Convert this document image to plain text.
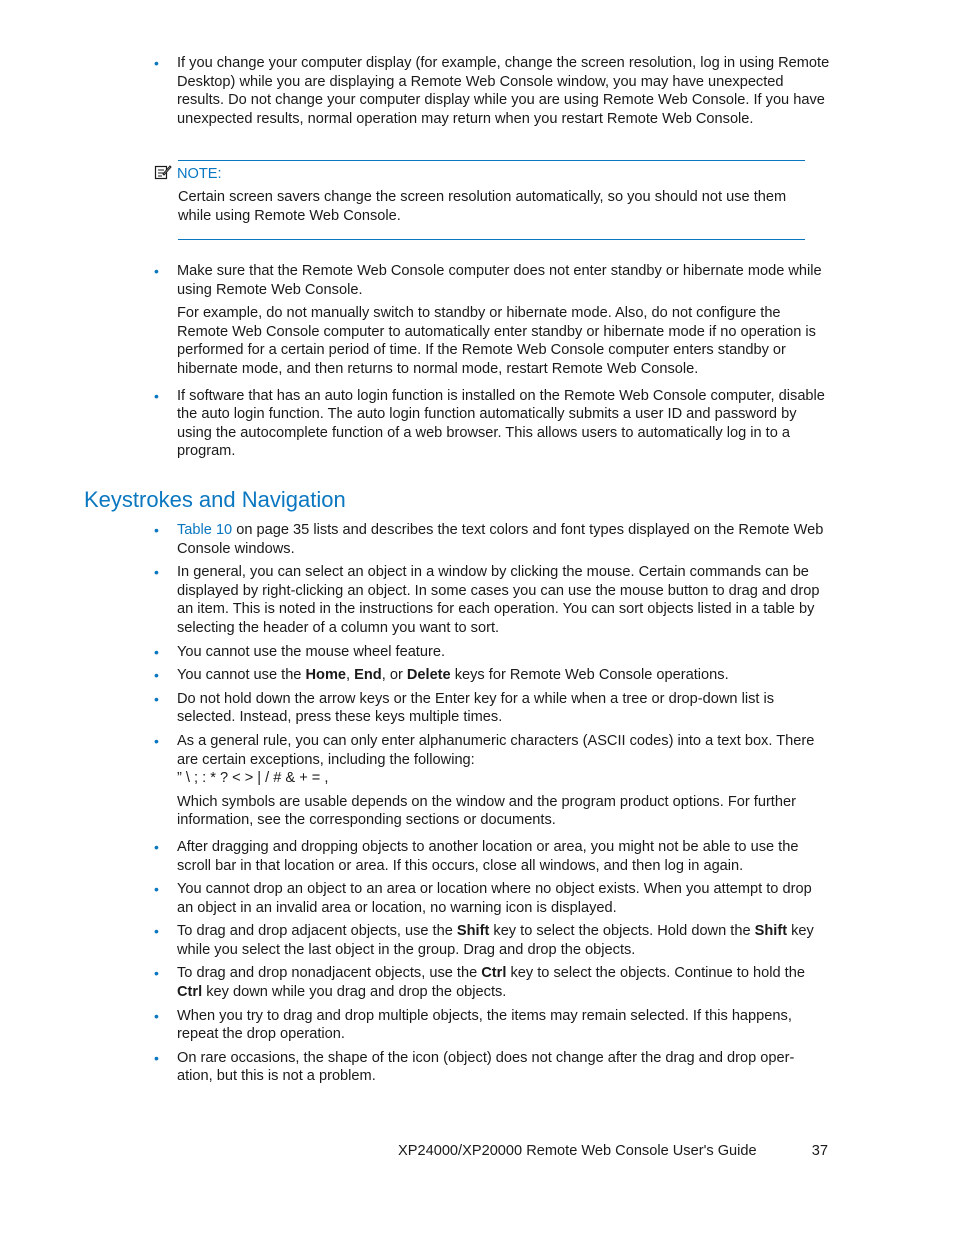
• If you change your computer display (for example, change the screen resolution, log in using Remote Desktop) while you are displaying a Remote Web Console window, you may have unexpected results. Do not change your computer display while you are using Remote Web Console. If you have unexpected results, normal operation may return when you restart Remote Web Console.

NOTE:

Certain screen savers change the screen resolution automatically, so you should not use them while using Remote Web Console.

• Make sure that the Remote Web Console computer does not enter standby or hibernate mode while using Remote Web Console.

For example, do not manually switch to standby or hibernate mode. Also, do not configure the Remote Web Console computer to automatically enter standby or hibernate mode if no operation is performed for a certain period of time. If the Remote Web Console computer enters standby or hibernate mode, and then returns to normal mode, restart Remote Web Console.

• If software that has an auto login function is installed on the Remote Web Console computer, disable the auto login function. The auto login function automatically submits a user ID and password by using the autocomplete function of a web browser. This allows users to automatically log in to a program.

Keystrokes and Navigation
• Table 10 on page 35 lists and describes the text colors and font types displayed on the Remote Web Console windows.

• In general, you can select an object in a window by clicking the mouse. Certain commands can be displayed by right-clicking an object. In some cases you can use the mouse button to drag and drop an item. This is noted in the instructions for each operation. You can sort objects listed in a table by selecting the header of a column you want to sort.

• You cannot use the mouse wheel feature.

• You cannot use the Home, End, or Delete keys for Remote Web Console operations.

• Do not hold down the arrow keys or the Enter key for a while when a tree or drop-down list is selected. Instead, press these keys multiple times.

• As a general rule, you can only enter alphanumeric characters (ASCII codes) into a text box. There are certain exceptions, including the following:

” \ ; : * ? < > | / # & + = ,

Which symbols are usable depends on the window and the program product options. For further information, see the corresponding sections or documents.

• After dragging and dropping objects to another location or area, you might not be able to use the scroll bar in that location or area. If this occurs, close all windows, and then log in again.

• You cannot drop an object to an area or location where no object exists. When you attempt to drop an object in an invalid area or location, no warning icon is displayed.

• To drag and drop adjacent objects, use the Shift key to select the objects. Hold down the Shift key while you select the last object in the group. Drag and drop the objects.

• To drag and drop nonadjacent objects, use the Ctrl key to select the objects. Continue to hold the Ctrl key down while you drag and drop the objects.

• When you try to drag and drop multiple objects, the items may remain selected. If this happens, repeat the drop operation.

• On rare occasions, the shape of the icon (object) does not change after the drag and drop oper-ation, but this is not a problem.

XP24000/XP20000 Remote Web Console User's Guide	37
